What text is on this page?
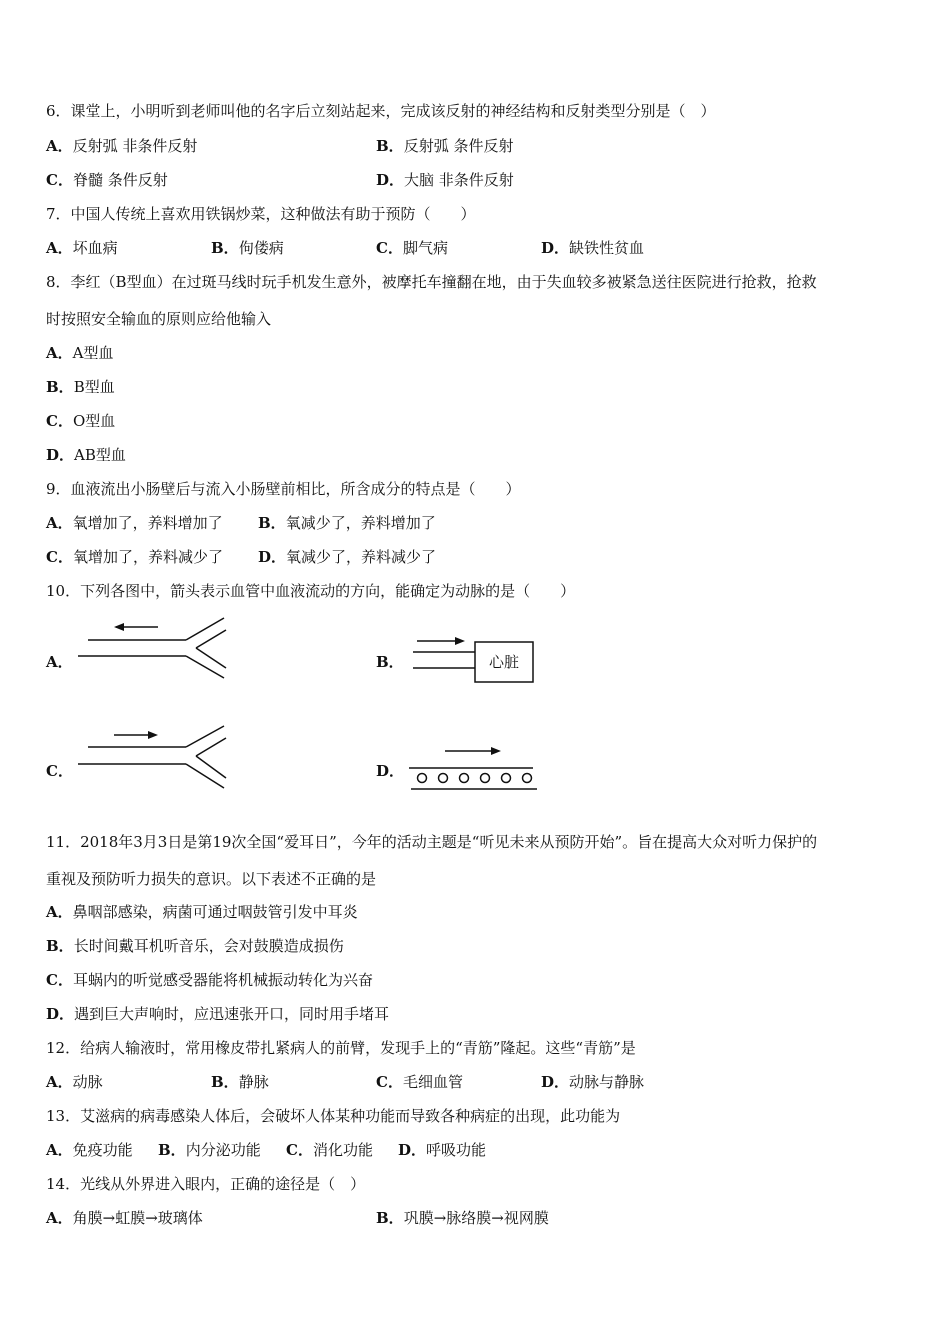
6．课堂上，小明听到老师叫他的名字后立刻站起来，完成该反射的神经结构和反射类型分别是（　）
A．反射弧 非条件反射	B．反射弧 条件反射
C．脊髓 条件反射	D．大脑 非条件反射
7．中国人传统上喜欢用铁锅炒菜，这种做法有助于预防（　　）
A．坏血病	B．佝偻病	C．脚气病	D．缺铁性贫血
8．李红（B型血）在过斑马线时玩手机发生意外，被摩托车撞翻在地，由于失血较多被紧急送往医院进行抢救，抢救
时按照安全输血的原则应给他输入
A．A型血
B．B型血
C．O型血
D．AB型血
9．血液流出小肠壁后与流入小肠壁前相比，所含成分的特点是（　　）
A．氧增加了，养料增加了 B．氧减少了，养料增加了
C．氧增加了，养料减少了 D．氧减少了，养料减少了
10．下列各图中，箭头表示血管中血液流动的方向，能确定为动脉的是（　　）
A．	B．	心脏
C．	D．
11．2018年3月3日是第19次全国“爱耳日”，今年的活动主题是“听见未来从预防开始”。旨在提高大众对听力保护的
重视及预防听力损失的意识。以下表述不正确的是
A．鼻咽部感染，病菌可通过咽鼓管引发中耳炎
B．长时间戴耳机听音乐，会对鼓膜造成损伤
C．耳蜗内的听觉感受器能将机械振动转化为兴奋
D．遇到巨大声响时，应迅速张开口，同时用手堵耳
12．给病人输液时，常用橡皮带扎紧病人的前臂，发现手上的“青筋”隆起。这些“青筋”是
A．动脉	B．静脉	C．毛细血管	D．动脉与静脉
13．艾滋病的病毒感染人体后，会破坏人体某种功能而导致各种病症的出现，此功能为
A．免疫功能 B．内分泌功能 C．消化功能 D．呼吸功能
14．光线从外界进入眼内，正确的途径是（　）
A．角膜→虹膜→玻璃体	B．巩膜→脉络膜→视网膜
